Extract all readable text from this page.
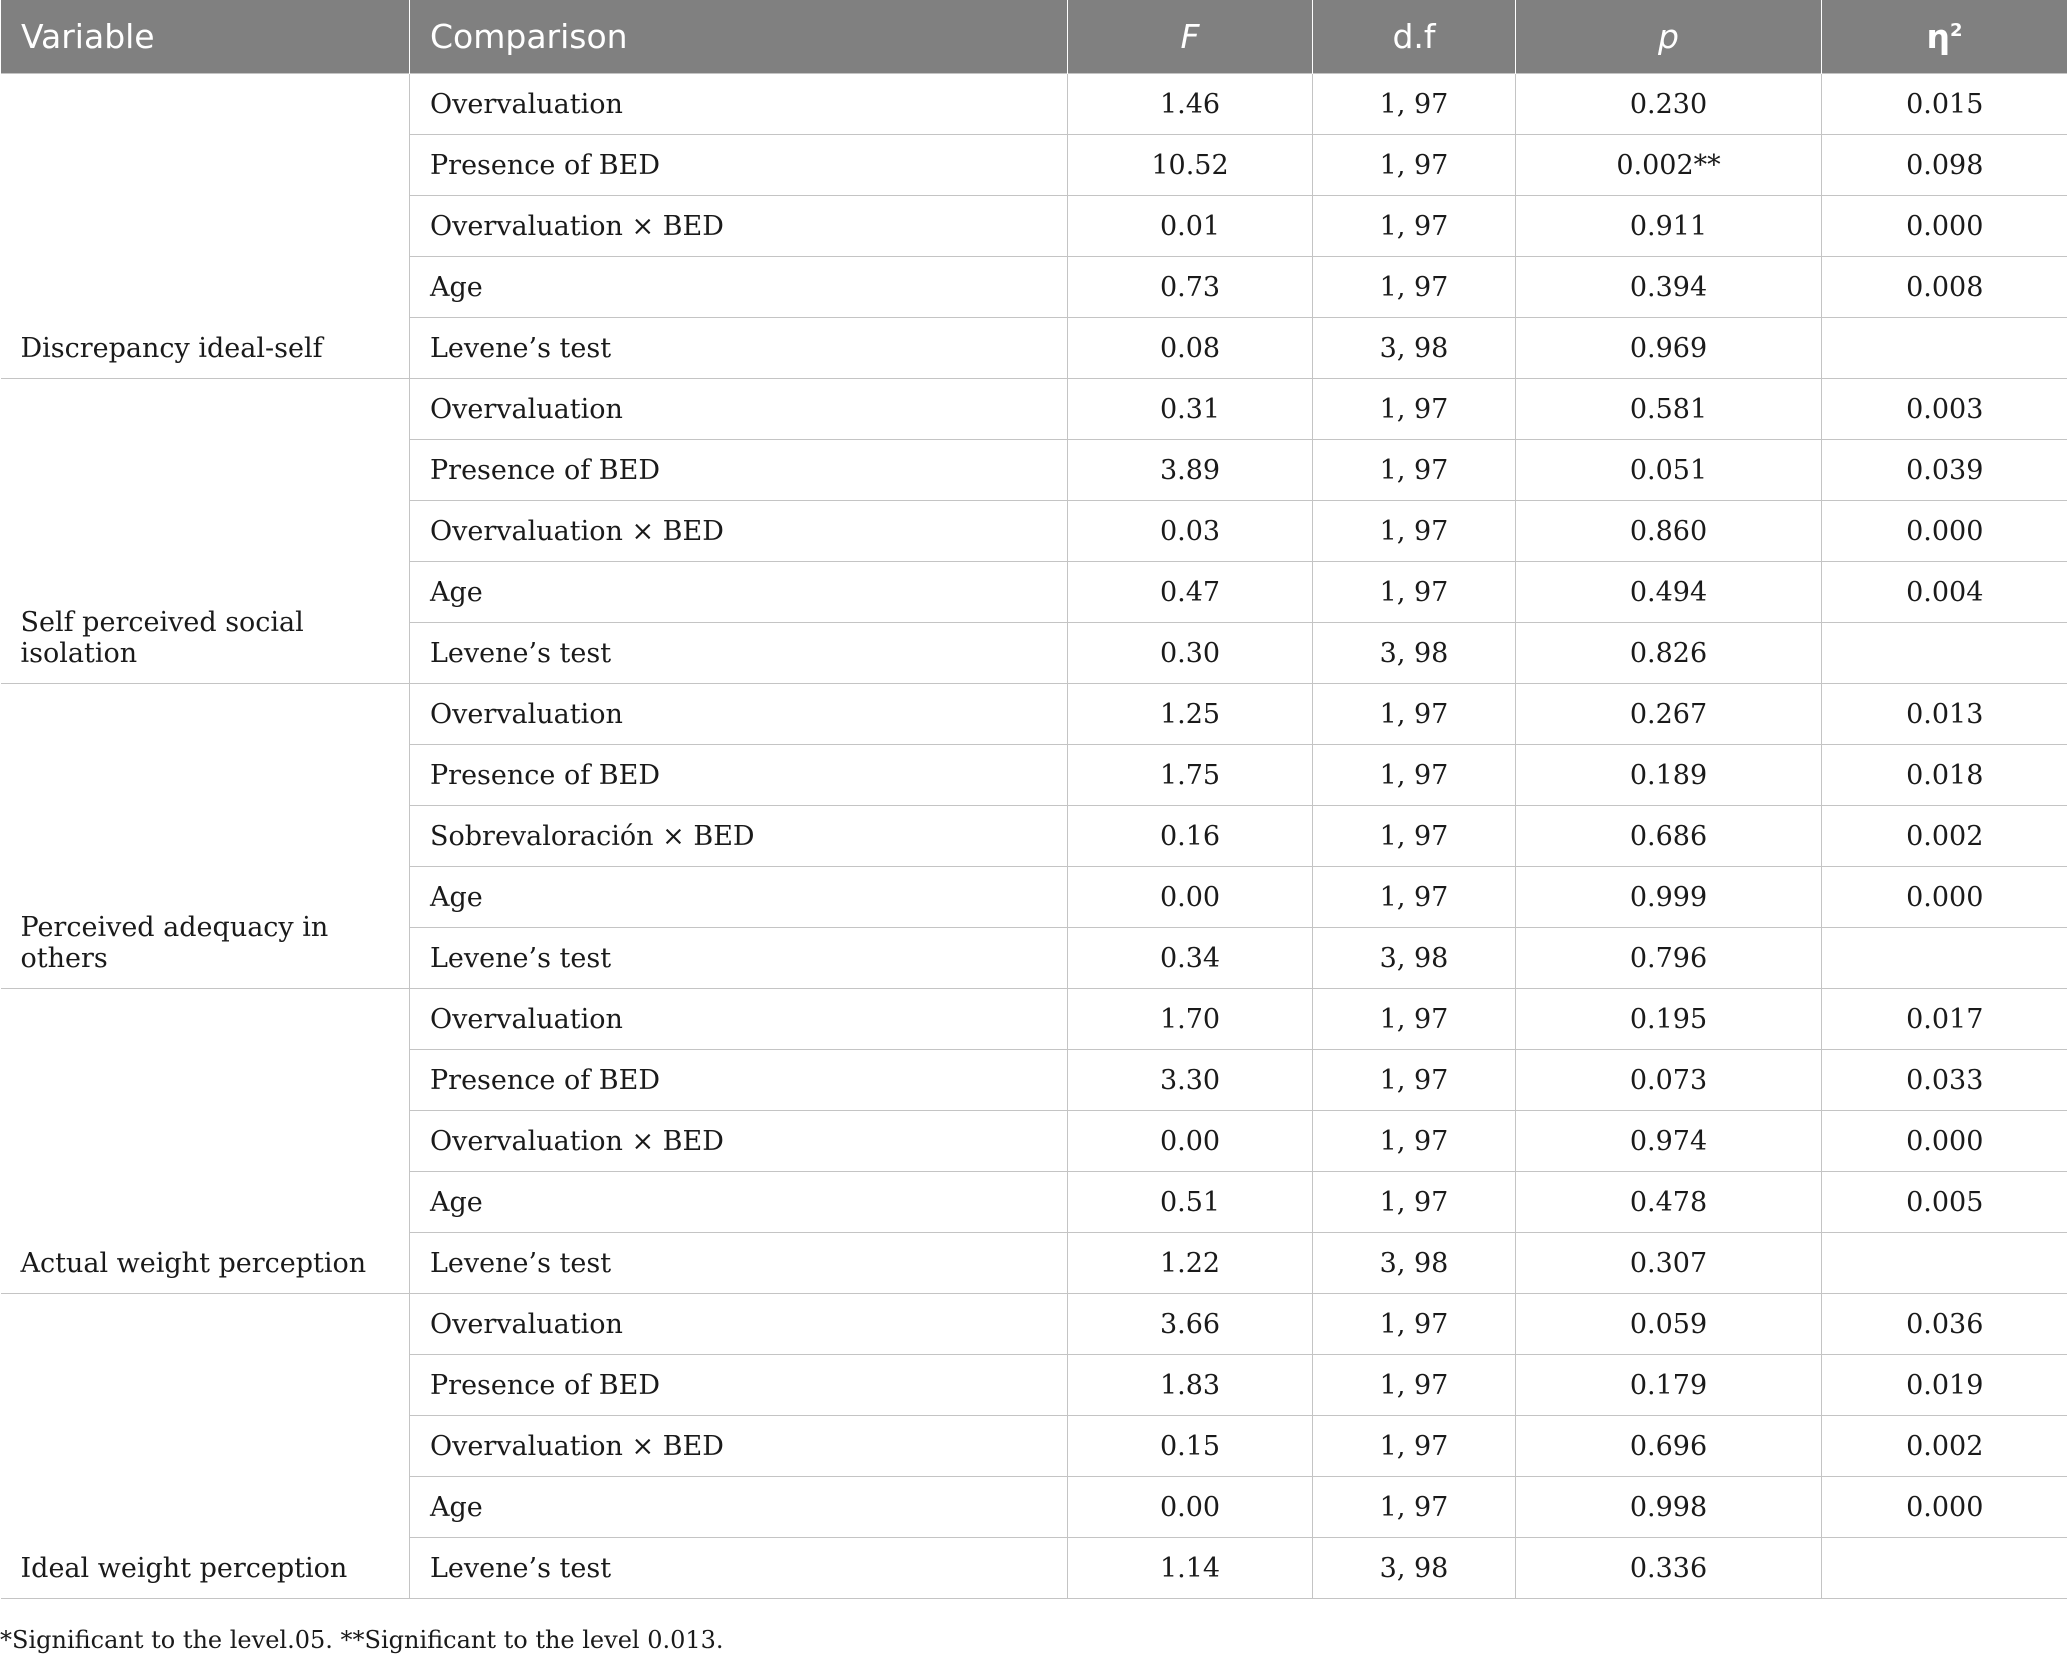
Variable	Comparison	F	d.f	p	$\eta^2$
Discrepancy ideal-self	Overvaluation	1.46	1, 97	0.230	0.015
	Presence of BED	10.52	1, 97	0.002**	0.098
	Overvaluation × BED	0.01	1, 97	0.911	0.000
	Age	0.73	1, 97	0.394	0.008
	Levene’s test	0.08	3, 98	0.969	
Self perceived social isolation	Overvaluation	0.31	1, 97	0.581	0.003
	Presence of BED	3.89	1, 97	0.051	0.039
	Overvaluation × BED	0.03	1, 97	0.860	0.000
	Age	0.47	1, 97	0.494	0.004
	Levene’s test	0.30	3, 98	0.826	
Perceived adequacy in others	Overvaluation	1.25	1, 97	0.267	0.013
	Presence of BED	1.75	1, 97	0.189	0.018
	Sobrevaloración × BED	0.16	1, 97	0.686	0.002
	Age	0.00	1, 97	0.999	0.000
	Levene’s test	0.34	3, 98	0.796	
Actual weight perception	Overvaluation	1.70	1, 97	0.195	0.017
	Presence of BED	3.30	1, 97	0.073	0.033
	Overvaluation × BED	0.00	1, 97	0.974	0.000
	Age	0.51	1, 97	0.478	0.005
	Levene’s test	1.22	3, 98	0.307	
Ideal weight perception	Overvaluation	3.66	1, 97	0.059	0.036
	Presence of BED	1.83	1, 97	0.179	0.019
	Overvaluation × BED	0.15	1, 97	0.696	0.002
	Age	0.00	1, 97	0.998	0.000
	Levene’s test	1.14	3, 98	0.336	
*Significant to the level.05. **Significant to the level 0.013.
